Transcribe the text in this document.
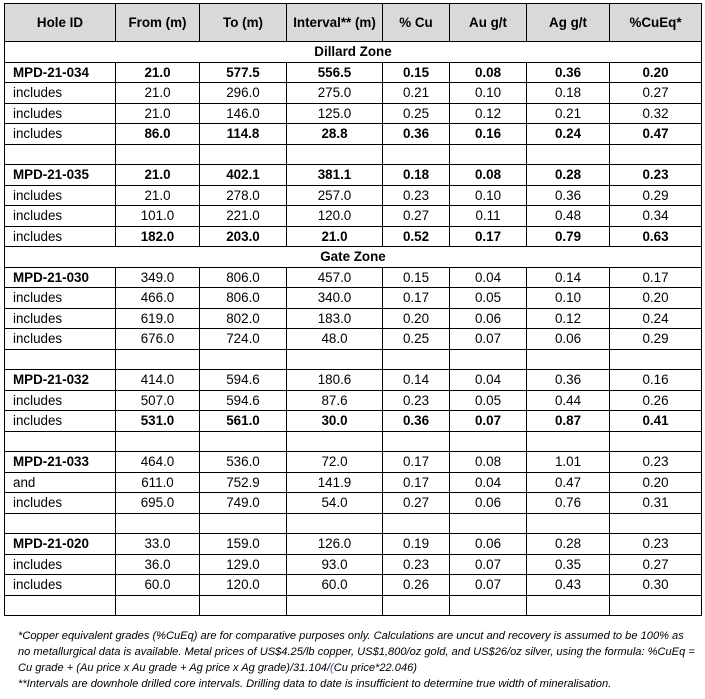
Hole ID	From (m)	To (m)	Interval** (m)	% Cu	Au g/t	Ag g/t	%CuEq*
Dillard Zone							
MPD-21-034	21.0	577.5	556.5	0.15	0.08	0.36	0.20
includes	21.0	296.0	275.0	0.21	0.10	0.18	0.27
includes	21.0	146.0	125.0	0.25	0.12	0.21	0.32
includes	86.0	114.8	28.8	0.36	0.16	0.24	0.47

MPD-21-035	21.0	402.1	381.1	0.18	0.08	0.28	0.23
includes	21.0	278.0	257.0	0.23	0.10	0.36	0.29
includes	101.0	221.0	120.0	0.27	0.11	0.48	0.34
includes	182.0	203.0	21.0	0.52	0.17	0.79	0.63
Gate Zone							
MPD-21-030	349.0	806.0	457.0	0.15	0.04	0.14	0.17
includes	466.0	806.0	340.0	0.17	0.05	0.10	0.20
includes	619.0	802.0	183.0	0.20	0.06	0.12	0.24
includes	676.0	724.0	48.0	0.25	0.07	0.06	0.29

MPD-21-032	414.0	594.6	180.6	0.14	0.04	0.36	0.16
includes	507.0	594.6	87.6	0.23	0.05	0.44	0.26
includes	531.0	561.0	30.0	0.36	0.07	0.87	0.41

MPD-21-033	464.0	536.0	72.0	0.17	0.08	1.01	0.23
and	611.0	752.9	141.9	0.17	0.04	0.47	0.20
includes	695.0	749.0	54.0	0.27	0.06	0.76	0.31

MPD-21-020	33.0	159.0	126.0	0.19	0.06	0.28	0.23
includes	36.0	129.0	93.0	0.23	0.07	0.35	0.27
includes	60.0	120.0	60.0	0.26	0.07	0.43	0.30

*Copper equivalent grades (%CuEq) are for comparative purposes only. Calculations are uncut and recovery is assumed to be 100% as no metallurgical data is available. Metal prices of US$4.25/lb copper, US$1,800/oz gold, and US$26/oz silver, using the formula: %CuEq = Cu grade + (Au price x Au grade + Ag price x Ag grade)/31.104/(Cu price*22.046)

**Intervals are downhole drilled core intervals. Drilling data to date is insufficient to determine true width of mineralisation.
